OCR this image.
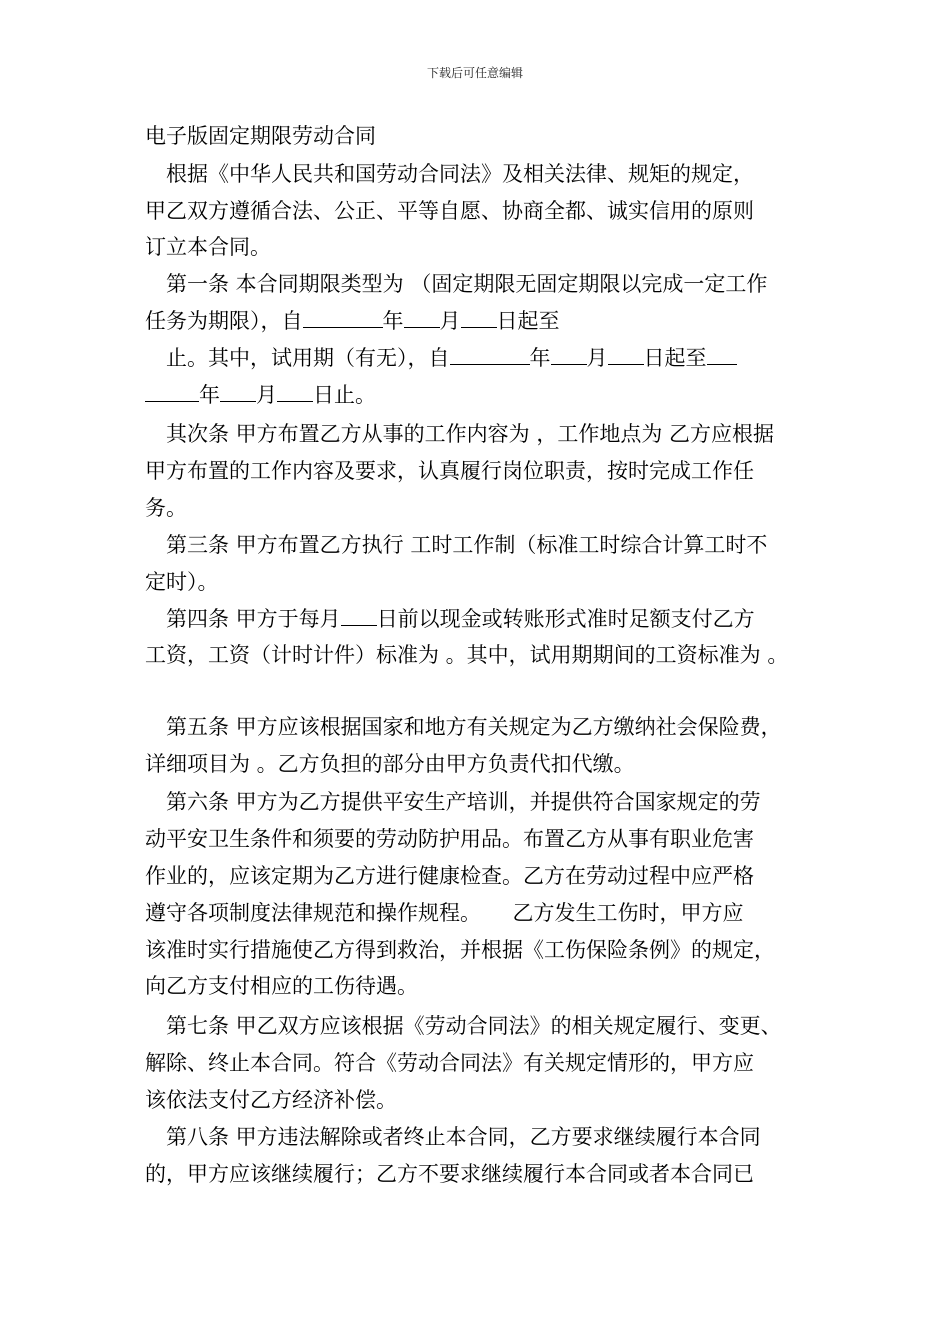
下载后可任意编辑
电子版固定期限劳动合同
根据《中华人民共和国劳动合同法》及相关法律、规矩的规定，
甲乙双方遵循合法、公正、平等自愿、协商全都、诚实信用的原则
订立本合同。
第一条 本合同期限类型为 （固定期限无固定期限以完成一定工作
任务为期限），自	年 月 日起至
止。其中，试用期（有无），自	年 月 日起至
年 月 日止。
其次条 甲方布置乙方从事的工作内容为 ，工作地点为 乙方应根据
甲方布置的工作内容及要求，认真履行岗位职责，按时完成工作任
务。
第三条 甲方布置乙方执行 工时工作制（标准工时综合计算工时不
定时）。
第四条 甲方于每月 日前以现金或转账形式准时足额支付乙方
工资，工资（计时计件）标准为 。其中，试用期期间的工资标准为 。
第五条 甲方应该根据国家和地方有关规定为乙方缴纳社会保险费，
详细项目为 。乙方负担的部分由甲方负责代扣代缴。
第六条 甲方为乙方提供平安生产培训，并提供符合国家规定的劳
动平安卫生条件和须要的劳动防护用品。布置乙方从事有职业危害
作业的，应该定期为乙方进行健康检查。乙方在劳动过程中应严格
遵守各项制度法律规范和操作规程。　　乙方发生工伤时，甲方应
该准时实行措施使乙方得到救治，并根据《工伤保险条例》的规定，
向乙方支付相应的工伤待遇。
第七条 甲乙双方应该根据《劳动合同法》的相关规定履行、变更、
解除、终止本合同。符合《劳动合同法》有关规定情形的，甲方应
该依法支付乙方经济补偿。
第八条 甲方违法解除或者终止本合同，乙方要求继续履行本合同
的，甲方应该继续履行；乙方不要求继续履行本合同或者本合同已
